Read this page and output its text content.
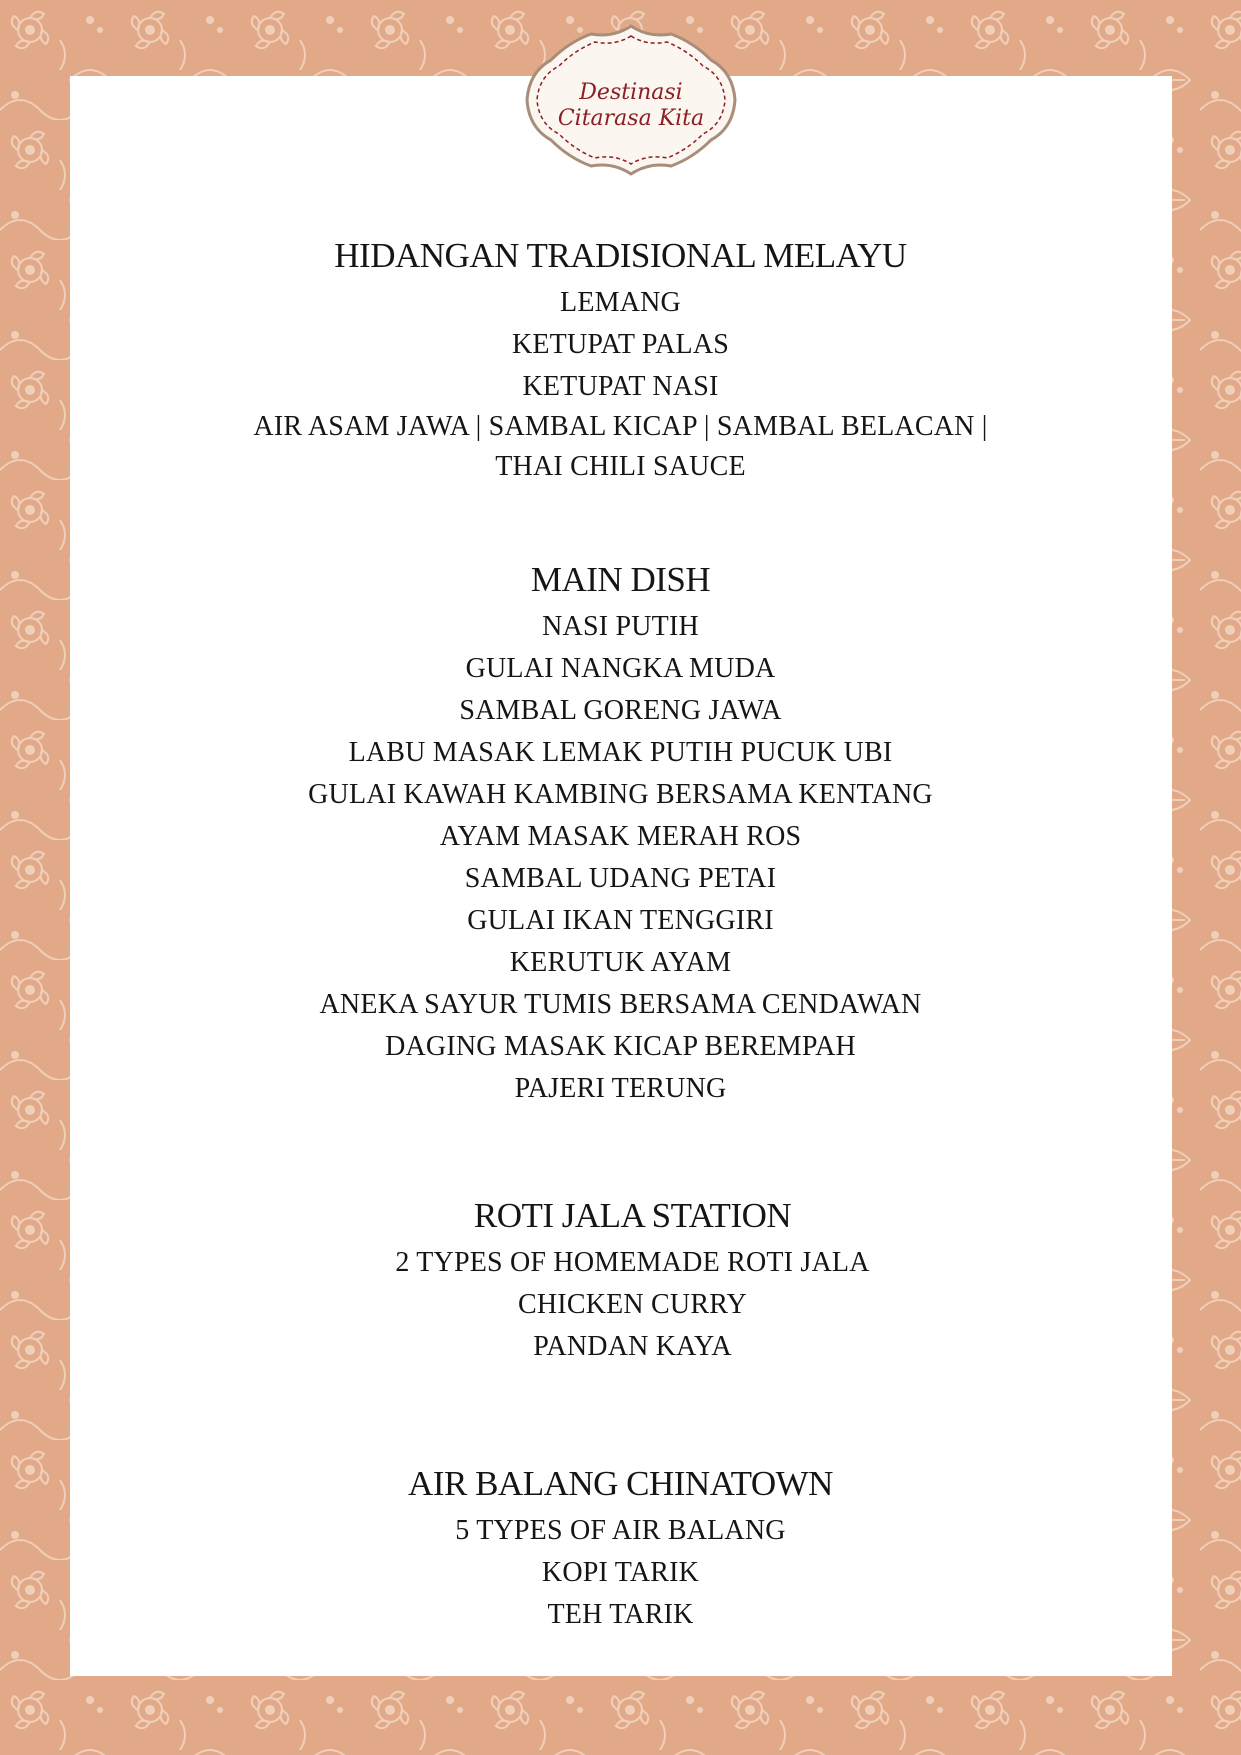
Destinasi
Citarasa Kita
HIDANGAN TRADISIONAL MELAYU
LEMANG
KETUPAT PALAS
KETUPAT NASI
AIR ASAM JAWA | SAMBAL KICAP | SAMBAL BELACAN |
THAI CHILI SAUCE
MAIN DISH
NASI PUTIH
GULAI NANGKA MUDA
SAMBAL GORENG JAWA
LABU MASAK LEMAK PUTIH PUCUK UBI
GULAI KAWAH KAMBING BERSAMA KENTANG
AYAM MASAK MERAH ROS
SAMBAL UDANG PETAI
GULAI IKAN TENGGIRI
KERUTUK AYAM
ANEKA SAYUR TUMIS BERSAMA CENDAWAN
DAGING MASAK KICAP BEREMPAH
PAJERI TERUNG
ROTI JALA STATION
2 TYPES OF HOMEMADE ROTI JALA
CHICKEN CURRY
PANDAN KAYA
AIR BALANG CHINATOWN
5 TYPES OF AIR BALANG
KOPI TARIK
TEH TARIK
